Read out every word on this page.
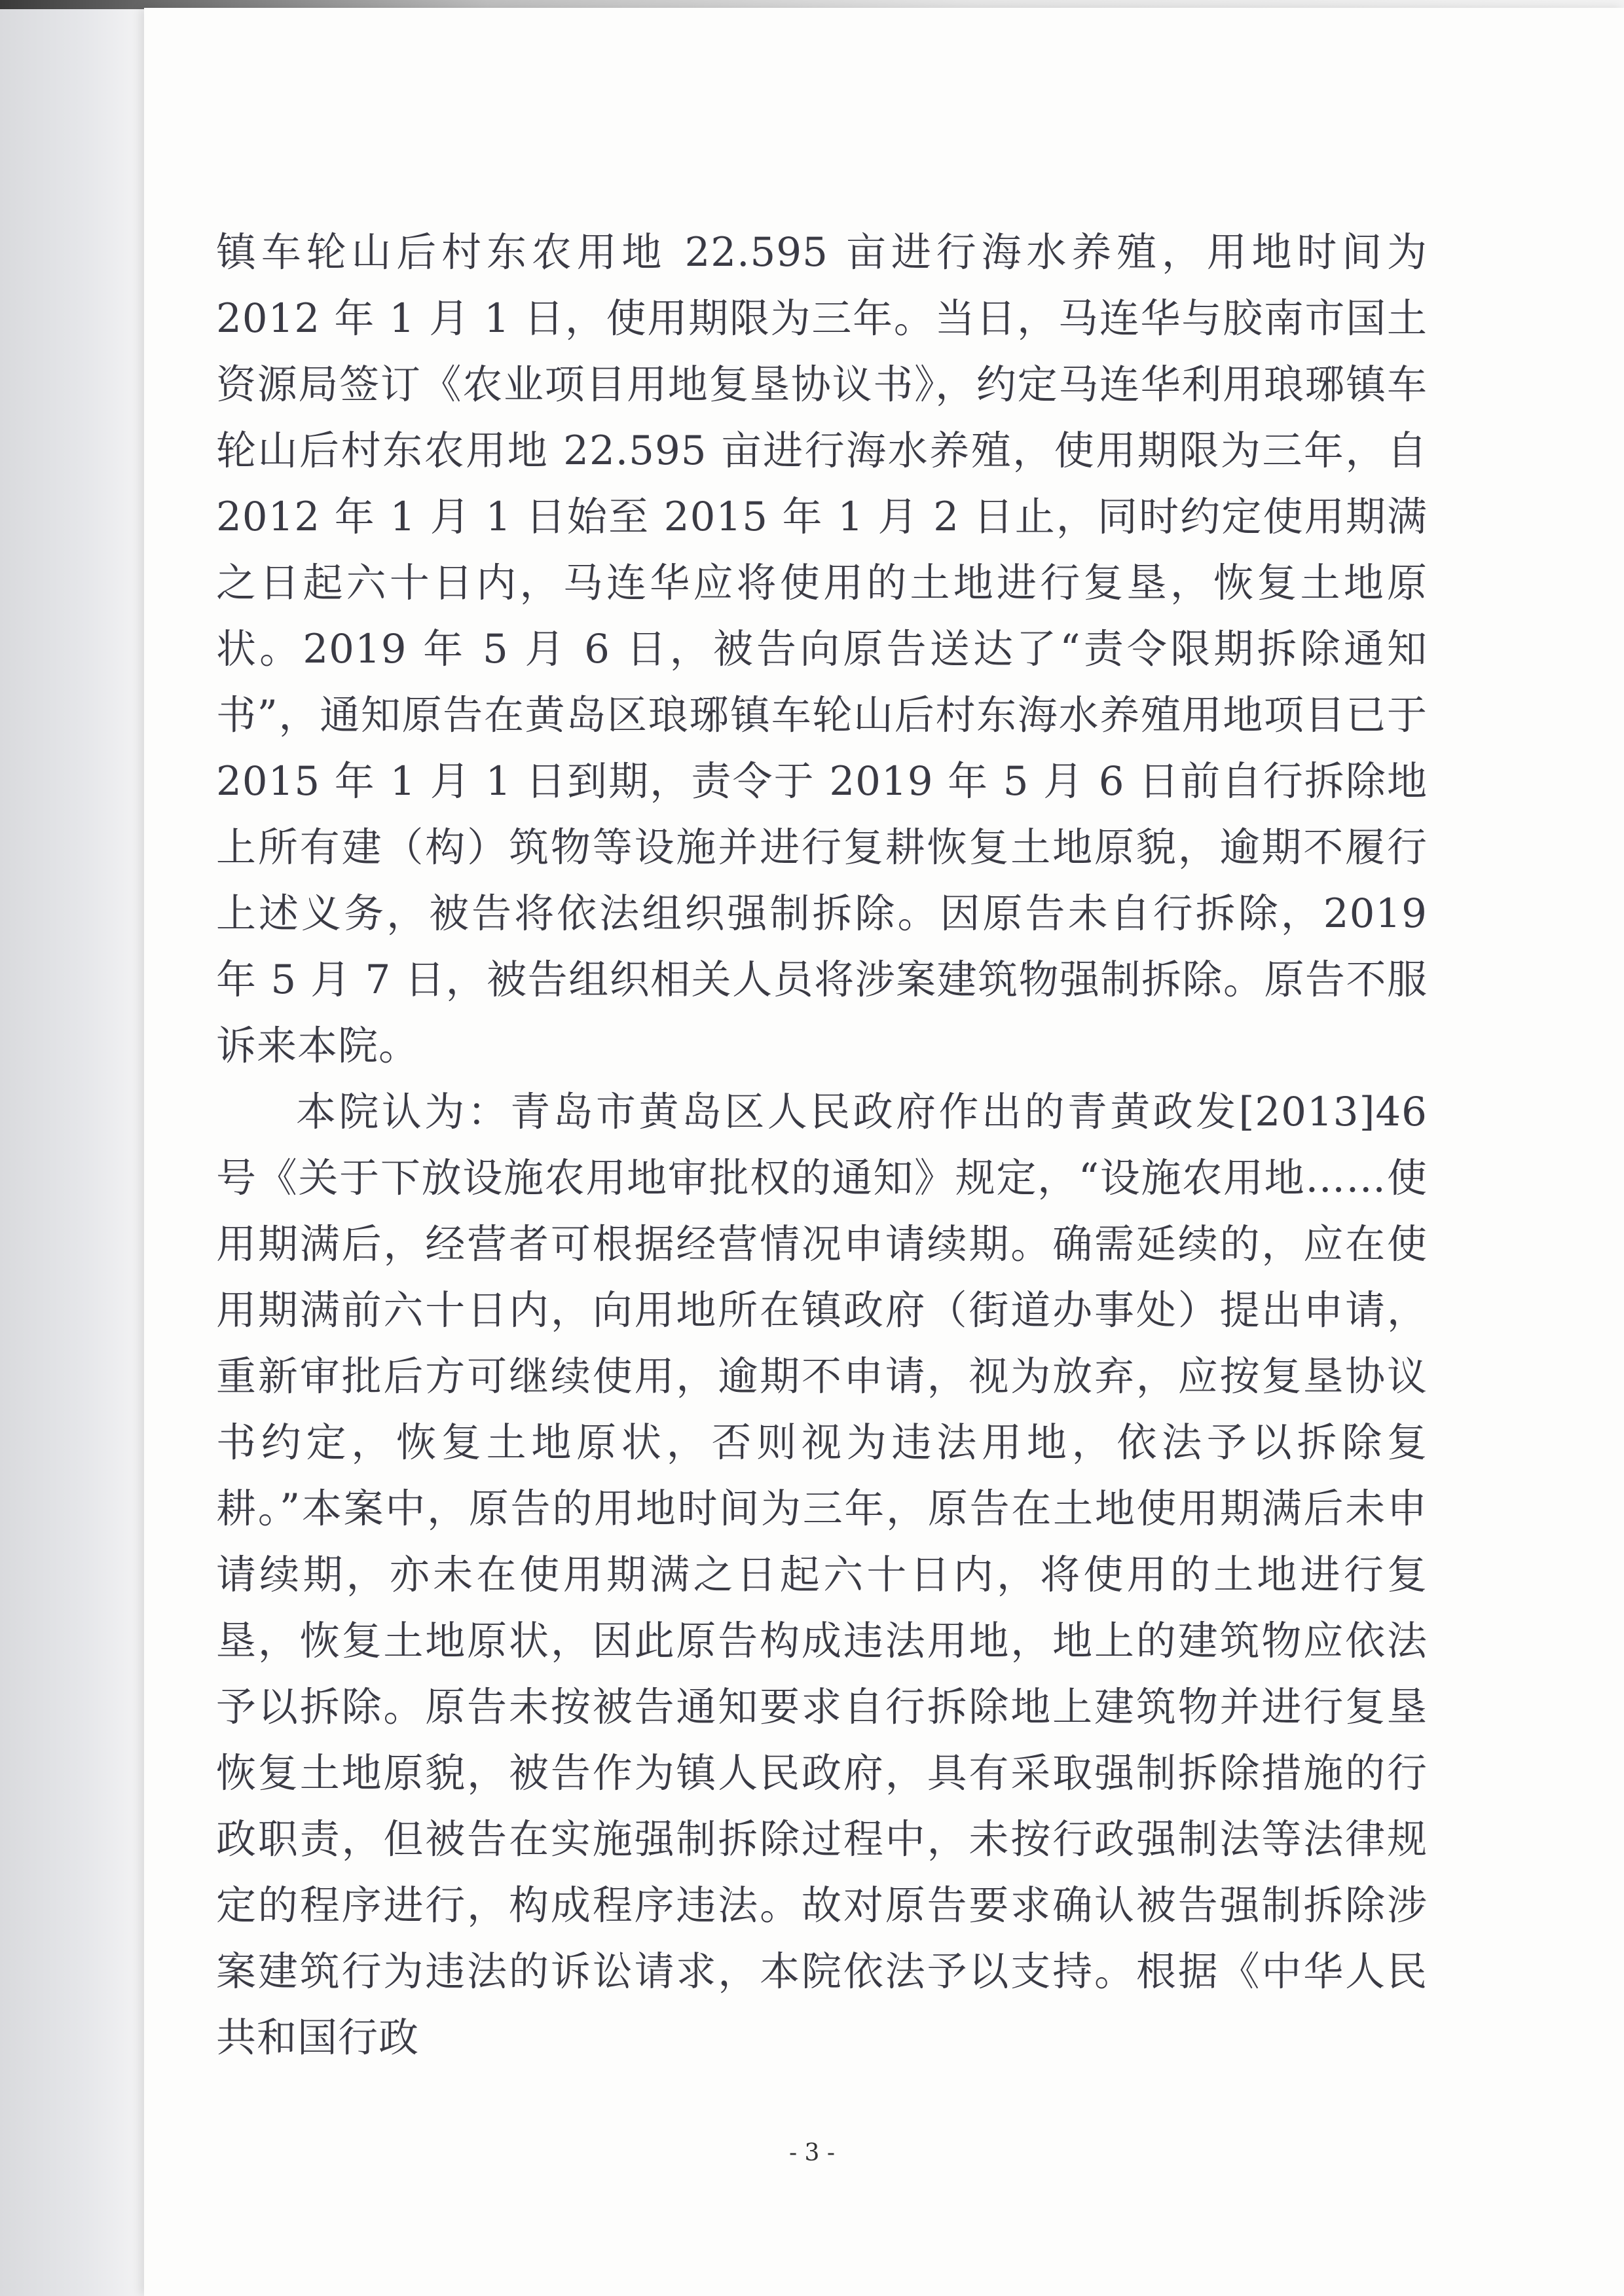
镇车轮山后村东农用地 22.595 亩进行海水养殖，用地时间为 2012 年 1 月 1 日，使用期限为三年。当日，马连华与胶南市国土资源局签订《农业项目用地复垦协议书》，约定马连华利用琅琊镇车轮山后村东农用地 22.595 亩进行海水养殖，使用期限为三年，自 2012 年 1 月 1 日始至 2015 年 1 月 2 日止，同时约定使用期满之日起六十日内，马连华应将使用的土地进行复垦，恢复土地原状。2019 年 5 月 6 日，被告向原告送达了“责令限期拆除通知书”，通知原告在黄岛区琅琊镇车轮山后村东海水养殖用地项目已于 2015 年 1 月 1 日到期，责令于 2019 年 5 月 6 日前自行拆除地上所有建（构）筑物等设施并进行复耕恢复土地原貌，逾期不履行上述义务，被告将依法组织强制拆除。因原告未自行拆除，2019 年 5 月 7 日，被告组织相关人员将涉案建筑物强制拆除。原告不服诉来本院。

本院认为：青岛市黄岛区人民政府作出的青黄政发[2013]46 号《关于下放设施农用地审批权的通知》规定，“设施农用地……使用期满后，经营者可根据经营情况申请续期。确需延续的，应在使用期满前六十日内，向用地所在镇政府（街道办事处）提出申请，重新审批后方可继续使用，逾期不申请，视为放弃，应按复垦协议书约定，恢复土地原状，否则视为违法用地，依法予以拆除复耕。”本案中，原告的用地时间为三年，原告在土地使用期满后未申请续期，亦未在使用期满之日起六十日内，将使用的土地进行复垦，恢复土地原状，因此原告构成违法用地，地上的建筑物应依法予以拆除。原告未按被告通知要求自行拆除地上建筑物并进行复垦恢复土地原貌，被告作为镇人民政府，具有采取强制拆除措施的行政职责，但被告在实施强制拆除过程中，未按行政强制法等法律规定的程序进行，构成程序违法。故对原告要求确认被告强制拆除涉案建筑行为违法的诉讼请求，本院依法予以支持。根据《中华人民共和国行政

- 3 -
